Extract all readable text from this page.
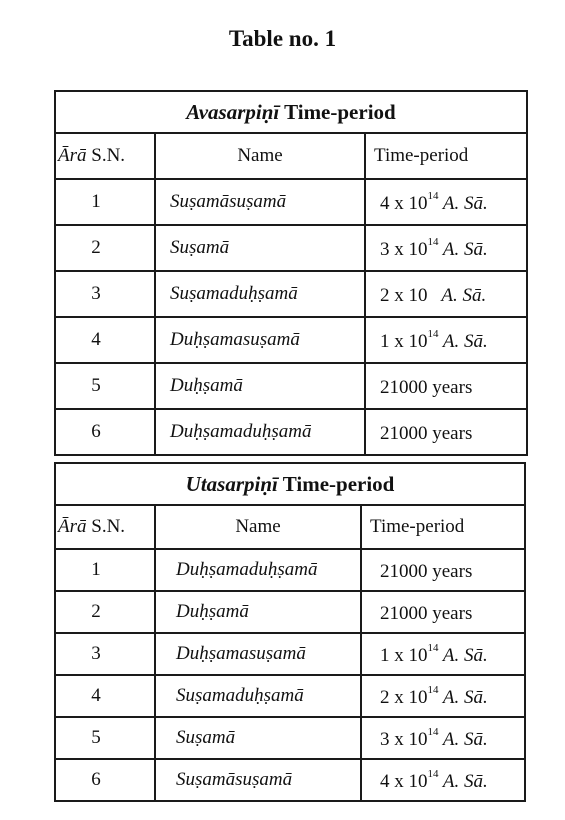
Table no. 1
Avasarpiṇī Time-period		
Ārā S.N.	Name	Time-period
1	Suṣamāsuṣamā	4 x $10^{14}$ A. Sā.
2	Suṣamā	3 x $10^{14}$ A. Sā.
3	Suṣamaduḥṣamā	2 x 10   A. Sā.
4	Duḥṣamasuṣamā	1 x $10^{14}$ A. Sā.
5	Duḥṣamā	21000 years
6	Duḥṣamaduḥṣamā	21000 years
Utasarpiṇī Time-period		
Ārā S.N.	Name	Time-period
1	Duḥṣamaduḥṣamā	21000 years
2	Duḥṣamā	21000 years
3	Duḥṣamasuṣamā	1 x $10^{14}$ A. Sā.
4	Suṣamaduḥṣamā	2 x $10^{14}$ A. Sā.
5	Suṣamā	3 x $10^{14}$ A. Sā.
6	Suṣamāsuṣamā	4 x $10^{14}$ A. Sā.
